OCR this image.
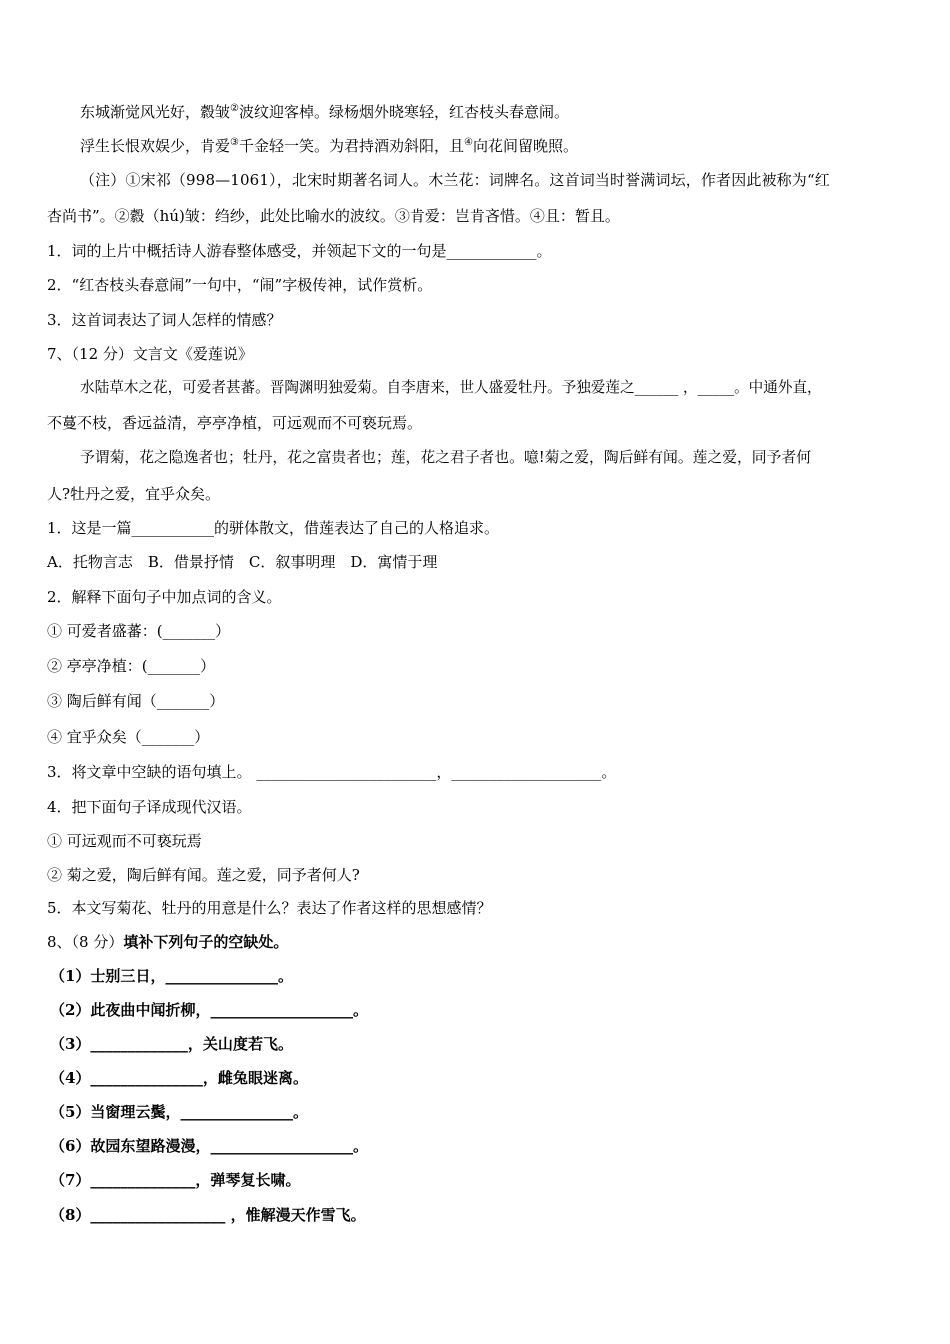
东城渐觉风光好，縠皱②波纹迎客棹。绿杨烟外晓寒轻，红杏枝头春意闹。
浮生长恨欢娱少，肯爱③千金轻一笑。为君持酒劝斜阳，且④向花间留晚照。
（注）①宋祁（998—1061），北宋时期著名词人。木兰花：词牌名。这首词当时誉满词坛，作者因此被称为“红
杏尚书”。②縠（hú)皱：绉纱，此处比喻水的波纹。③肯爱：岂肯吝惜。④且：暂且。
1．词的上片中概括诗人游春整体感受，并领起下文的一句是____________。
2．“红杏枝头春意闹”一句中，“闹”字极传神，试作赏析。
3．这首词表达了词人怎样的情感？
7、（12 分）文言文《爱莲说》
水陆草木之花，可爱者甚蕃。晋陶渊明独爱菊。自李唐来，世人盛爱牡丹。予独爱莲之______ ，_____。中通外直，
不蔓不枝，香远益清，亭亭净植，可远观而不可亵玩焉。
予谓菊，花之隐逸者也；牡丹，花之富贵者也；莲，花之君子者也。噫!菊之爱，陶后鲜有闻。莲之爱，同予者何
人?牡丹之爱，宜乎众矣。
1．这是一篇___________的骈体散文，借莲表达了自己的人格追求。
A．托物言志　B．借景抒情　C．叙事明理　D．寓情于理
2．解释下面句子中加点词的含义。
① 可爱者盛蕃：(_______）
② 亭亭净植：(_______）
③ 陶后鲜有闻（_______）
④ 宜乎众矣（_______）
3．将文章中空缺的语句填上。 ________________________，____________________。
4．把下面句子译成现代汉语。
① 可远观而不可亵玩焉
② 菊之爱，陶后鲜有闻。莲之爱，同予者何人?
5．本文写菊花、牡丹的用意是什么？表达了作者这样的思想感情？
8、（8 分）填补下列句子的空缺处。
（1）士别三日，_______________。
（2）此夜曲中闻折柳，___________________。
（3）_____________，关山度若飞。
（4）_______________，雌兔眼迷离。
（5）当窗理云鬓，_______________。
（6）故园东望路漫漫，___________________。
（7）______________，弹琴复长啸。
（8）__________________ ，惟解漫天作雪飞。
